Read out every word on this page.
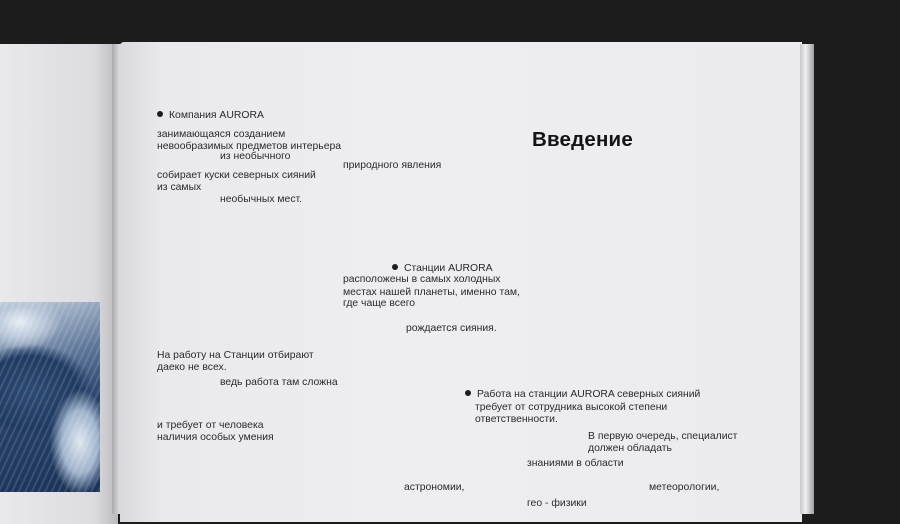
Введение

Компания AURORA

занимающаяся созданием

невообразимых предметов интерьера

из необычного

природного явления

собирает куски северных сияний

из самых

необычных мест.

Станции AURORA

расположены в самых холодных

местах нашей планеты, именно там,

где чаще всего

рождается сияния.

На работу на Станции отбирают

даеко не всех.

ведь работа там сложна

и требует от человека

наличия особых умения

Работа на станции AURORA северных сияний

требует от сотрудника высокой степени

ответственности.

В первую очередь, специалист

должен обладать

знаниями в области

астрономии,	метеорологии,

гео - физики
